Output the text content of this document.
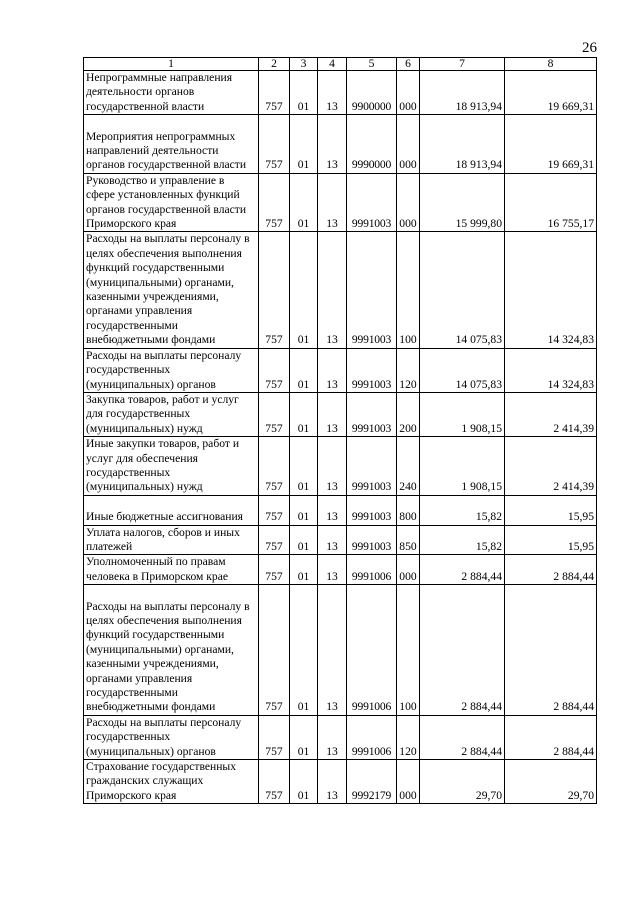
26
1	2	3	4	5	6	7	8

Непрограммные направления деятельности органов государственной власти	757	01	13	9900000	000	18 913,94	19 669,31

Мероприятия непрограммных направлений деятельности органов государственной власти	757	01	13	9990000	000	18 913,94	19 669,31

Руководство и управление в сфере установленных функций органов государственной власти Приморского края	757	01	13	9991003	000	15 999,80	16 755,17

Расходы на выплаты персоналу в целях обеспечения выполнения функций государственными (муниципальными) органами, казенными учреждениями, органами управления государственными внебюджетными фондами	757	01	13	9991003	100	14 075,83	14 324,83

Расходы на выплаты персоналу государственных (муниципальных) органов	757	01	13	9991003	120	14 075,83	14 324,83

Закупка товаров, работ и услуг для государственных (муниципальных) нужд	757	01	13	9991003	200	1 908,15	2 414,39

Иные закупки товаров, работ и услуг для обеспечения государственных (муниципальных) нужд	757	01	13	9991003	240	1 908,15	2 414,39

Иные бюджетные ассигнования	757	01	13	9991003	800	15,82	15,95

Уплата налогов, сборов и иных платежей	757	01	13	9991003	850	15,82	15,95

Уполномоченный по правам человека в Приморском крае	757	01	13	9991006	000	2 884,44	2 884,44

Расходы на выплаты персоналу в целях обеспечения выполнения функций государственными (муниципальными) органами, казенными учреждениями, органами управления государственными внебюджетными фондами	757	01	13	9991006	100	2 884,44	2 884,44

Расходы на выплаты персоналу государственных (муниципальных) органов	757	01	13	9991006	120	2 884,44	2 884,44

Страхование государственных гражданских служащих Приморского края	757	01	13	9992179	000	29,70	29,70
